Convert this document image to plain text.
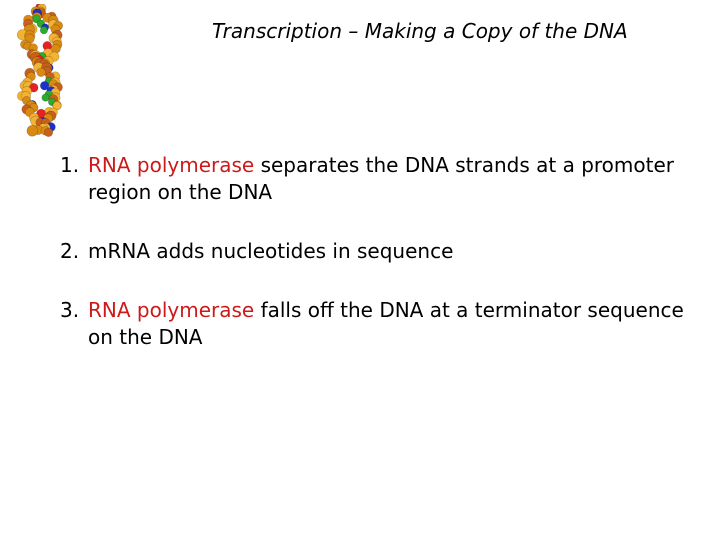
Transcription – Making a Copy of the DNA
1. RNA polymerase separates the DNA strands at a promoter region on the DNA
2. mRNA adds nucleotides in sequence
3. RNA polymerase falls off the DNA at a terminator sequence on the DNA
